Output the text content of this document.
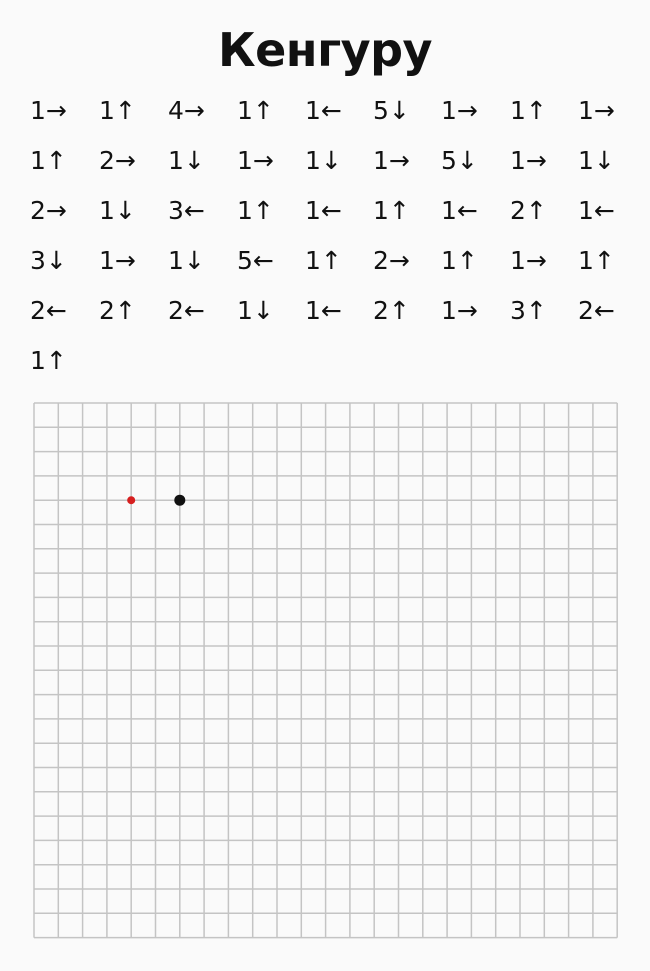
Кенгуру
1→ 1↑ 4→ 1↑ 1← 5↓ 1→ 1↑ 1→
1↑ 2→ 1↓ 1→ 1↓ 1→ 5↓ 1→ 1↓
2→ 1↓ 3← 1↑ 1← 1↑ 1← 2↑ 1←
3↓ 1→ 1↓ 5← 1↑ 2→ 1↑ 1→ 1↑
2← 2↑ 2← 1↓ 1← 2↑ 1→ 3↑ 2←
1↑
